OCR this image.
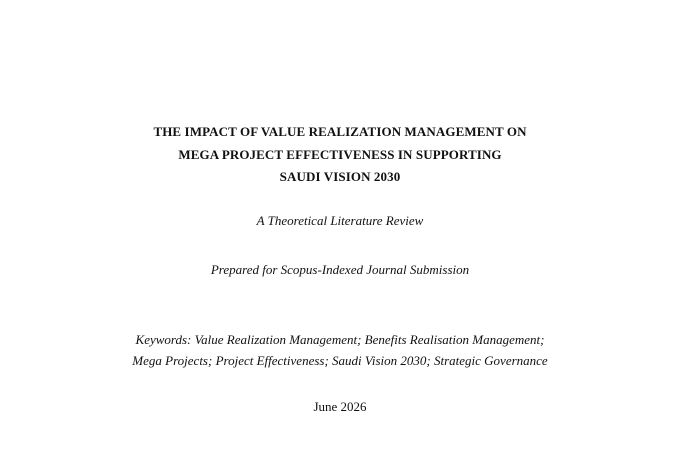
THE IMPACT OF VALUE REALIZATION MANAGEMENT ON
MEGA PROJECT EFFECTIVENESS IN SUPPORTING
SAUDI VISION 2030
A Theoretical Literature Review
Prepared for Scopus-Indexed Journal Submission
Keywords: Value Realization Management; Benefits Realisation Management;
Mega Projects; Project Effectiveness; Saudi Vision 2030; Strategic Governance
June 2026
